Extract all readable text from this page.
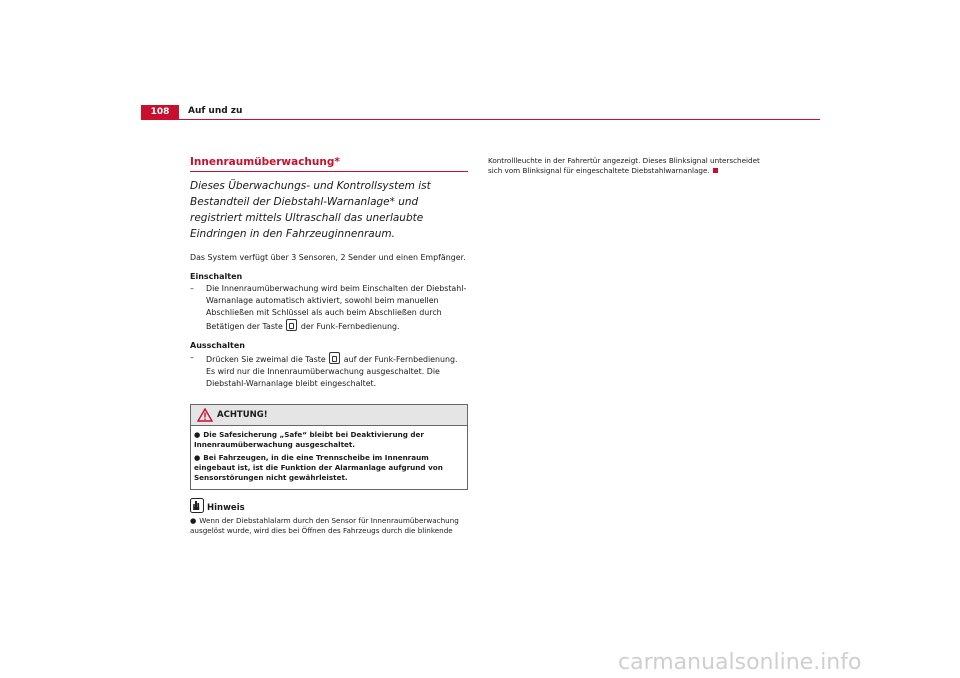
108	Auf und zu
Innenraumüberwachung*

Dieses Überwachungs- und Kontrollsystem ist Bestandteil der Diebstahl-Warnanlage* und registriert mittels Ultraschall das unerlaubte Eindringen in den Fahrzeuginnenraum.

Das System verfügt über 3 Sensoren, 2 Sender und einen Empfänger.

Einschalten

– Die Innenraumüberwachung wird beim Einschalten der Diebstahl-Warnanlage automatisch aktiviert, sowohl beim manuellen Abschließen mit Schlüssel als auch beim Abschließen durch Betätigen der Taste der Funk-Fernbedienung.

Ausschalten

– Drücken Sie zweimal die Taste auf der Funk-Fernbedienung. Es wird nur die Innenraumüberwachung ausgeschaltet. Die Diebstahl-Warnanlage bleibt eingeschaltet.
ACHTUNG!

● Die Safesicherung „Safe“ bleibt bei Deaktivierung der Innenraumüberwachung ausgeschaltet.

● Bei Fahrzeugen, in die eine Trennscheibe im Innenraum eingebaut ist, ist die Funktion der Alarmanlage aufgrund von Sensorstörungen nicht gewährleistet.

Hinweis

● Wenn der Diebstahlalarm durch den Sensor für Innenraumüberwachung ausgelöst wurde, wird dies bei Öffnen des Fahrzeugs durch die blinkende

Kontrollleuchte in der Fahrertür angezeigt. Dieses Blinksignal unterscheidet sich vom Blinksignal für eingeschaltete Diebstahlwarnanlage.

carmanualsonline.info
